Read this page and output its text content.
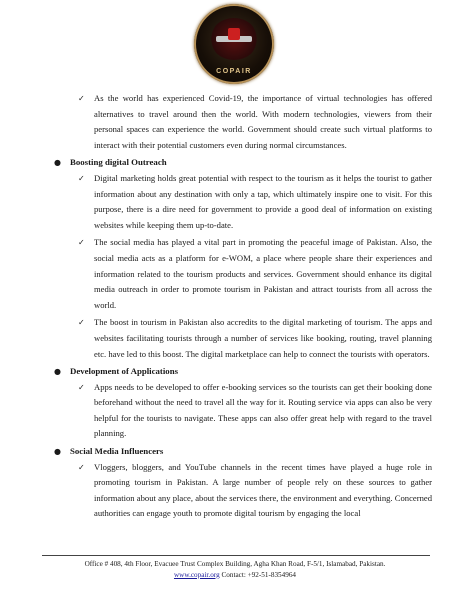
COPAIR

✓ As the world has experienced Covid-19, the importance of virtual technologies has offered alternatives to travel around then the world. With modern technologies, viewers from their personal spaces can experience the world. Government should create such virtual platforms to interact with their potential customers even during normal circumstances.

● Boosting digital Outreach

✓ Digital marketing holds great potential with respect to the tourism as it helps the tourist to gather information about any destination with only a tap, which ultimately inspire one to visit. For this purpose, there is a dire need for government to provide a good deal of information on existing websites while keeping them up-to-date.

✓ The social media has played a vital part in promoting the peaceful image of Pakistan. Also, the social media acts as a platform for e-WOM, a place where people share their experiences and information related to the tourism products and services. Government should enhance its digital media outreach in order to promote tourism in Pakistan and attract tourists from all across the world.

✓ The boost in tourism in Pakistan also accredits to the digital marketing of tourism. The apps and websites facilitating tourists through a number of services like booking, routing, travel planning etc. have led to this boost. The digital marketplace can help to connect the tourists with operators.

● Development of Applications

✓ Apps needs to be developed to offer e-booking services so the tourists can get their booking done beforehand without the need to travel all the way for it. Routing service via apps can also be very helpful for the tourists to navigate. These apps can also offer great help with regard to the travel planning.

● Social Media Influencers

✓ Vloggers, bloggers, and YouTube channels in the recent times have played a huge role in promoting tourism in Pakistan. A large number of people rely on these sources to gather information about any place, about the services there, the environment and everything. Concerned authorities can engage youth to promote digital tourism by engaging the local

Office # 408, 4th Floor, Evacuee Trust Complex Building, Agha Khan Road, F-5/1, Islamabad, Pakistan.
www.copair.org Contact: +92-51-8354964
